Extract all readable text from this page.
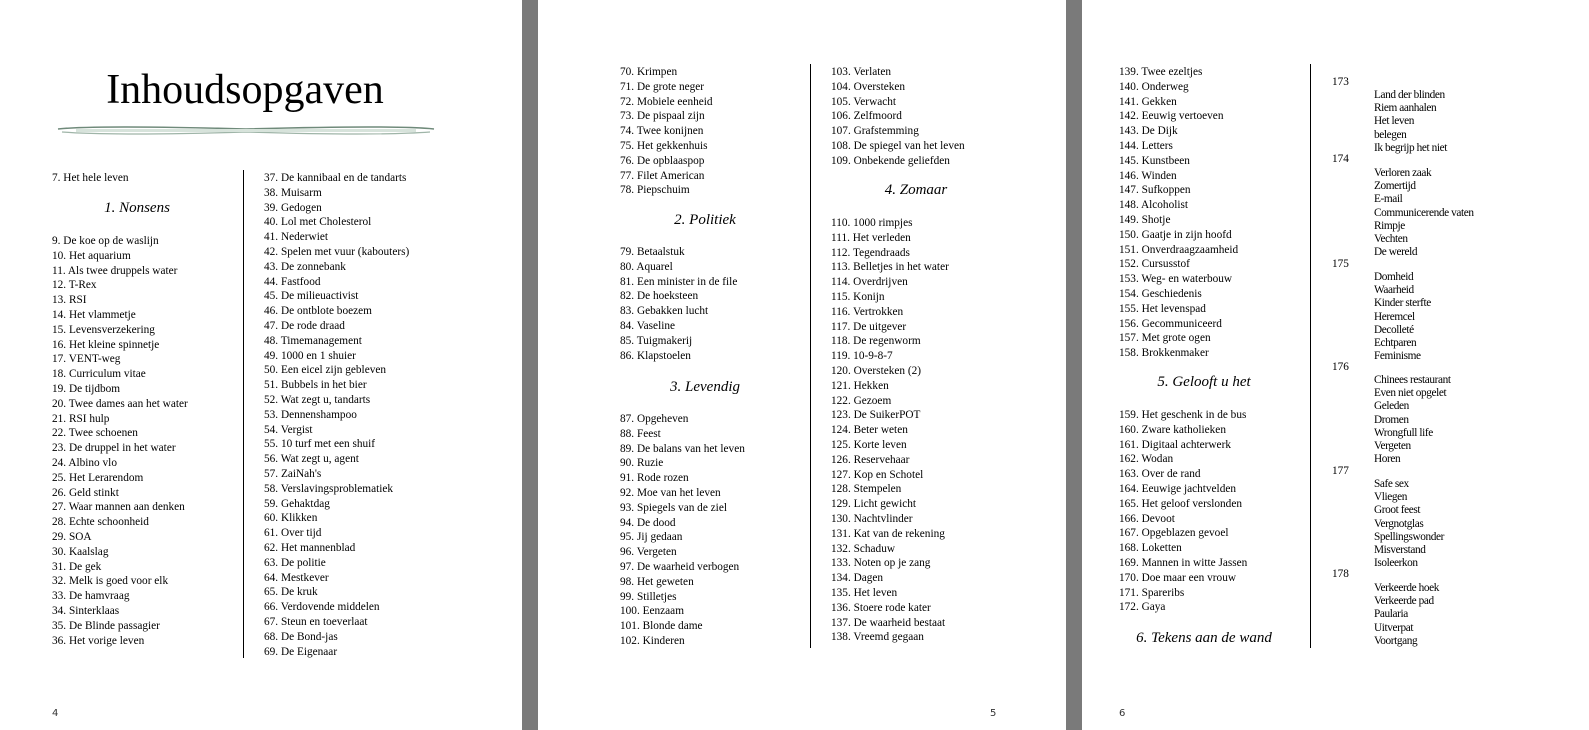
Inhoudsopgaven
7. Het hele leven
1. Nonsens
9. De koe op de waslijn
10. Het aquarium
11. Als twee druppels water
12. T-Rex
13. RSI
14. Het vlammetje
15. Levensverzekering
16. Het kleine spinnetje
17. VENT-weg
18. Curriculum vitae
19. De tijdbom
20. Twee dames aan het water
21. RSI hulp
22. Twee schoenen
23. De druppel in het water
24. Albino vlo
25. Het Lerarendom
26. Geld stinkt
27. Waar mannen aan denken
28. Echte schoonheid
29. SOA
30. Kaalslag
31. De gek
32. Melk is goed voor elk
33. De hamvraag
34. Sinterklaas
35. De Blinde passagier
36. Het vorige leven
37. De kannibaal en de tandarts
38. Muisarm
39. Gedogen
40. Lol met Cholesterol
41. Nederwiet
42. Spelen met vuur (kabouters)
43. De zonnebank
44. Fastfood
45. De milieuactivist
46. De ontblote boezem
47. De rode draad
48. Timemanagement
49. 1000 en 1 shuier
50. Een eicel zijn gebleven
51. Bubbels in het bier
52. Wat zegt u, tandarts
53. Dennenshampoo
54. Vergist
55. 10 turf met een shuif
56. Wat zegt u, agent
57. ZaiNah's
58. Verslavingsproblematiek
59. Gehaktdag
60. Klikken
61. Over tijd
62. Het mannenblad
63. De politie
64. Mestkever
65. De kruk
66. Verdovende middelen
67. Steun en toeverlaat
68. De Bond-jas
69. De Eigenaar
4
70. Krimpen
71. De grote neger
72. Mobiele eenheid
73. De pispaal zijn
74. Twee konijnen
75. Het gekkenhuis
76. De opblaaspop
77. Filet American
78. Piepschuim
2. Politiek
79. Betaalstuk
80. Aquarel
81. Een minister in de file
82. De hoeksteen
83. Gebakken lucht
84. Vaseline
85. Tuigmakerij
86. Klapstoelen
3. Levendig
87. Opgeheven
88. Feest
89. De balans van het leven
90. Ruzie
91. Rode rozen
92. Moe van het leven
93. Spiegels van de ziel
94. De dood
95. Jij gedaan
96. Vergeten
97. De waarheid verbogen
98. Het geweten
99. Stilletjes
100. Eenzaam
101. Blonde dame
102. Kinderen
103. Verlaten
104. Oversteken
105. Verwacht
106. Zelfmoord
107. Grafstemming
108. De spiegel van het leven
109. Onbekende geliefden
4. Zomaar
110. 1000 rimpjes
111. Het verleden
112. Tegendraads
113. Belletjes in het water
114. Overdrijven
115. Konijn
116. Vertrokken
117. De uitgever
118. De regenworm
119. 10-9-8-7
120. Oversteken (2)
121. Hekken
122. Gezoem
123. De SuikerPOT
124. Beter weten
125. Korte leven
126. Reservehaar
127. Kop en Schotel
128. Stempelen
129. Licht gewicht
130. Nachtvlinder
131. Kat van de rekening
132. Schaduw
133. Noten op je zang
134. Dagen
135. Het leven
136. Stoere rode kater
137. De waarheid bestaat
138. Vreemd gegaan
5
139. Twee ezeltjes
140. Onderweg
141. Gekken
142. Eeuwig vertoeven
143. De Dijk
144. Letters
145. Kunstbeen
146. Winden
147. Sufkoppen
148. Alcoholist
149. Shotje
150. Gaatje in zijn hoofd
151. Onverdraagzaamheid
152. Cursusstof
153. Weg- en waterbouw
154. Geschiedenis
155. Het levenspad
156. Gecommuniceerd
157. Met grote ogen
158. Brokkenmaker
5. Gelooft u het
159. Het geschenk in de bus
160. Zware katholieken
161. Digitaal achterwerk
162. Wodan
163. Over de rand
164. Eeuwige jachtvelden
165. Het geloof verslonden
166. Devoot
167. Opgeblazen gevoel
168. Loketten
169. Mannen in witte Jassen
170. Doe maar een vrouw
171. Spareribs
172. Gaya
6. Tekens aan de wand
173
Land der blinden
Riem aanhalen
Het leven
belegen
Ik begrijp het niet
174
Verloren zaak
Zomertijd
E-mail
Communicerende vaten
Rimpje
Vechten
De wereld
175
Domheid
Waarheid
Kinder sterfte
Heremcel
Decolleté
Echtparen
Feminisme
176
Chinees restaurant
Even niet opgelet
Geleden
Dromen
Wrongfull life
Vergeten
Horen
177
Safe sex
Vliegen
Groot feest
Vergnotglas
Spellingswonder
Misverstand
Isoleerkon
178
Verkeerde hoek
Verkeerde pad
Paularia
Uitverpat
Voortgang
6
